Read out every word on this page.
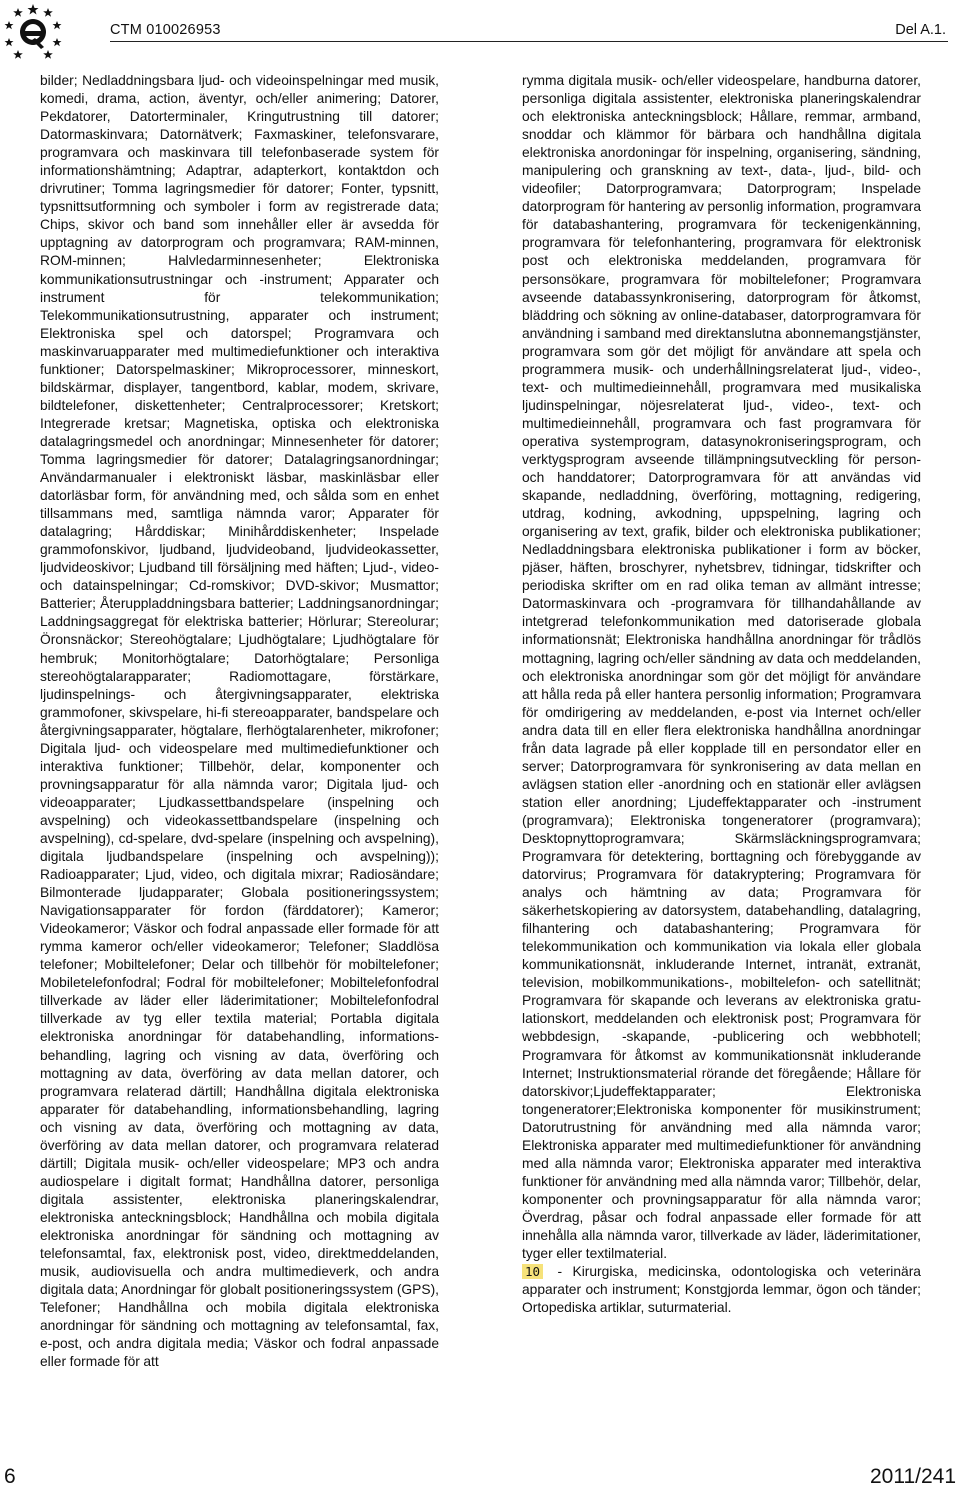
CTM 010026953	Del A.1.

bilder; Nedladdningsbara ljud- och videoinspelningar med musik, komedi, drama, action, äventyr, och/eller animering; Datorer, Pekdatorer, Datorterminaler, Kringutrustning till datorer; Datormaskinvara; Datornätverk; Faxmaskiner, telefonsvarare, programvara och maskinvara till telefonbaserade system för informationshämtning; Adaptrar, adapterkort, kontaktdon och drivrutiner; Tomma lagringsmedier för datorer; Fonter, typsnitt, typsnittsutformning och symboler i form av registrerade data; Chips, skivor och band som innehåller eller är avsedda för upptagning av datorprogram och programvara; RAM-minnen, ROM-minnen; Halvledarminnesenheter; Elektroniska kommunikationsutrustningar och -instrument; Apparater och instrument för telekommunikation; Telekommunikationsutrustning, apparater och instrument; Elektroniska spel och datorspel; Programvara och maskinvaruapparater med multimediefunktioner och interaktiva funktioner; Datorspelmaskiner; Mikroprocessorer, minneskort, bildskärmar, displayer, tangentbord, kablar, modem, skrivare, bildtelefoner, diskettenheter; Centralprocessorer; Kretskort; Integrerade kretsar; Magnetiska, optiska och elektroniska datalagringsmedel och anordningar; Minnesenheter för datorer; Tomma lagringsmedier för datorer; Datalagringsanordningar; Användarmanualer i elektroniskt läsbar, maskinläsbar eller datorläsbar form, för användning med, och sålda som en enhet tillsammans med, samtliga nämnda varor; Apparater för datalagring; Hårddiskar; Minihårddiskenheter; Inspelade grammofonskivor, ljudband, ljudvideoband, ljudvideokassetter, ljudvideoskivor; Ljudband till försäljning med häften; Ljud-, video- och datainspelningar; Cd-romskivor; DVD-skivor; Musmattor; Batterier; Återuppladdningsbara batterier; Laddningsanordningar; Laddningsaggregat för elektriska batterier; Hörlurar; Stereolurar; Öronsnäckor; Stereohögtalare; Ljudhögtalare; Ljudhögtalare för hembruk; Monitorhögtalare; Datorhögtalare; Personliga stereohögtalarapparater; Radiomottagare, förstärkare, ljudinspelnings- och återgivningsapparater, elektriska grammofoner, skivspelare, hi-fi stereoapparater, bandspelare och återgivningsapparater, högtalare, flerhögtalarenheter, mikrofoner; Digitala ljud- och videospelare med multimediefunktioner och interaktiva funktioner; Tillbehör, delar, komponenter och provningsapparatur för alla nämnda varor; Digitala ljud- och videoapparater; Ljudkassettbandspelare (inspelning och avspelning) och videokassettbandspelare (inspelning och avspelning), cd-spelare, dvd-spelare (inspelning och avspelning), digitala ljudbandspelare (inspelning och avspelning)); Radioapparater; Ljud, video, och digitala mixrar; Radiosändare; Bilmonterade ljudapparater; Globala positioneringssystem; Navigationsapparater för fordon (färddatorer); Kameror; Videokameror; Väskor och fodral anpassade eller formade för att rymma kameror och/eller videokameror; Telefoner; Sladdlösa telefoner; Mobiltelefoner; Delar och tillbehör för mobiltelefoner; Mobiletelefonfodral; Fodral för mobiltelefoner; Mobiltelefonfodral tillverkade av läder eller läderimitationer; Mobiltelefonfodral tillverkade av tyg eller textila material; Portabla digitala elektroniska anordningar för databehandling, informationsbehandling, lagring och visning av data, överföring och mottagning av data, överföring av data mellan datorer, och programvara relaterad därtill; Handhållna digitala elektroniska apparater för databehandling, informationsbehandling, lagring och visning av data, överföring och mottagning av data, överföring av data mellan datorer, och programvara relaterad därtill; Digitala musik- och/eller videospelare; MP3 och andra audiospelare i digitalt format; Handhållna datorer, personliga digitala assistenter, elektroniska planeringskalendrar, elektroniska anteckningsblock; Handhållna och mobila digitala elektroniska anordningar för sändning och mottagning av telefonsamtal, fax, elektronisk post, video, direktmeddelanden, musik, audiovisuella och andra multimedieverk, och andra digitala data; Anordningar för globalt positioneringssystem (GPS), Telefoner; Handhållna och mobila digitala elektroniska anordningar för sändning och mottagning av telefonsamtal, fax, e-post, och andra digitala media; Väskor och fodral anpassade eller formade för att

rymma digitala musik- och/eller videospelare, handburna datorer, personliga digitala assistenter, elektroniska planeringskalendrar och elektroniska anteckningsblock; Hållare, remmar, armband, snoddar och klämmor för bärbara och handhållna digitala elektroniska anordoningar för inspelning, organisering, sändning, manipulering och granskning av text-, data-, ljud-, bild- och videofiler; Datorprogramvara; Datorprogram; Inspelade datorprogram för hantering av personlig information, programvara för databashantering, programvara för teckenigenkänning, programvara för telefonhantering, programvara för elektronisk post och elektroniska meddelanden, programvara för personsökare, programvara för mobiltelefoner; Programvara avseende databassynkronisering, datorprogram för åtkomst, bläddring och sökning av online-databaser, datorprogramvara för användning i samband med direktanslutna abonnemangstjänster, programvara som gör det möjligt för användare att spela och programmera musik- och underhållningsrelaterat ljud-, video-, text- och multimedieinnehåll, programvara med musikaliska ljudinspelningar, nöjesrelaterat ljud-, video-, text- och multimedieinnehåll, programvara och fast programvara för operativa systemprogram, datasynokroniseringsprogram, och verktygsprogram avseende tillämpningsutveckling för person- och handdatorer; Datorprogramvara för att användas vid skapande, nedladdning, överföring, mottagning, redigering, utdrag, kodning, avkodning, uppspelning, lagring och organisering av text, grafik, bilder och elektroniska publikationer; Nedladdningsbara elektroniska publikationer i form av böcker, pjäser, häften, broschyrer, nyhetsbrev, tidningar, tidskrifter och periodiska skrifter om en rad olika teman av allmänt intresse; Datormaskinvara och -programvara för tillhandahållande av intetgrerad telefonkommunikation med datoriserade globala informationsnät; Elektroniska handhållna anordningar för trådlös mottagning, lagring och/eller sändning av data och meddelanden, och elektroniska anordningar som gör det möjligt för användare att hålla reda på eller hantera personlig information; Programvara för omdirigering av meddelanden, e-post via Internet och/eller andra data till en eller flera elektroniska handhållna anordningar från data lagrade på eller kopplade till en persondator eller en server; Datorprogramvara för synkronisering av data mellan en avlägsen station eller -anordning och en stationär eller avlägsen station eller anordning; Ljudeffektapparater och -instrument (programvara); Elektroniska tongeneratorer (programvara); Desktopnyttoprogramvara; Skärmsläckningsprogramvara; Programvara för detektering, borttagning och förebyggande av datorvirus; Programvara för datakryptering; Programvara för analys och hämtning av data; Programvara för säkerhetskopiering av datorsystem, databehandling, datalagring, filhantering och databashantering; Programvara för telekommunikation och kommunikation via lokala eller globala kommunikationsnät, inkluderande Internet, intranät, extranät, television, mobilkommunikations-, mobiltelefon- och satellitnät; Programvara för skapande och leverans av elektroniska gratulationskort, meddelanden och elektronisk post; Programvara för webbdesign, -skapande, -publicering och webbhotell; Programvara för åtkomst av kommunikationsnät inkluderande Internet; Instruktionsmaterial rörande det föregående; Hållare för datorskivor;Ljudeffektapparater; Elektroniska tongeneratorer;Elektroniska komponenter för musikinstrument; Datorutrustning för användning med alla nämnda varor; Elektroniska apparater med multimediefunktioner för användning med alla nämnda varor; Elektroniska apparater med interaktiva funktioner för användning med alla nämnda varor; Tillbehör, delar, komponenter och provningsapparatur för alla nämnda varor; Överdrag, påsar och fodral anpassade eller formade för att innehålla alla nämnda varor, tillverkade av läder, läderimitationer, tyger eller textilmaterial.

10 - Kirurgiska, medicinska, odontologiska och veterinära apparater och instrument; Konstgjorda lemmar, ögon och tänder; Ortopediska artiklar, suturmaterial.

6	2011/241
